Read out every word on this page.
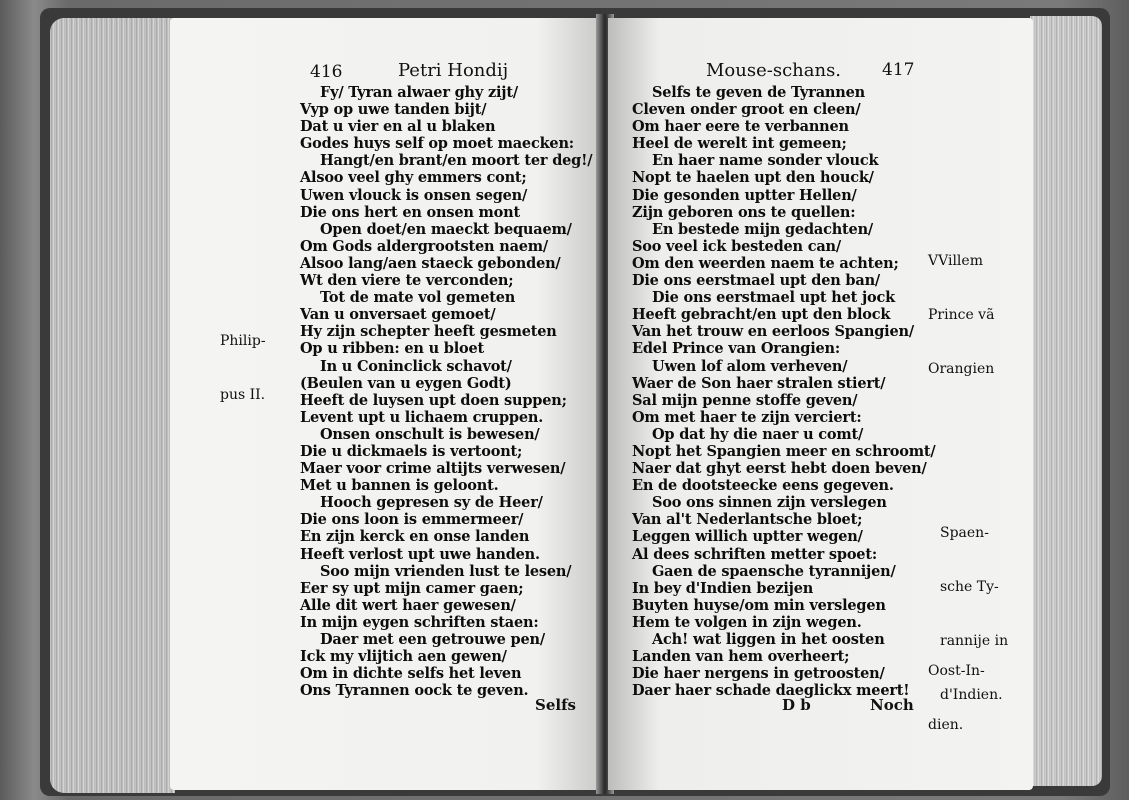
416	Petri Hondij

Philip-

pus II.

Fy/ Tyran alwaer ghy zijt/
Vyp op uwe tanden bijt/
Dat u vier en al u blaken
Godes huys self op moet maecken:
Hangt/en brant/en moort ter deg!/
Alsoo veel ghy emmers cont;
Uwen vlouck is onsen segen/
Die ons hert en onsen mont
Open doet/en maeckt bequaem/
Om Gods aldergrootsten naem/
Alsoo lang/aen staeck gebonden/
Wt den viere te verconden;
Tot de mate vol gemeten
Van u onversaet gemoet/
Hy zijn schepter heeft gesmeten
Op u ribben: en u bloet
In u Coninclick schavot/
(Beulen van u eygen Godt)
Heeft de luysen upt doen suppen;
Levent upt u lichaem cruppen.
Onsen onschult is bewesen/
Die u dickmaels is vertoont;
Maer voor crime altijts verwesen/
Met u bannen is geloont.
Hooch gepresen sy de Heer/
Die ons loon is emmermeer/
En zijn kerck en onse landen
Heeft verlost upt uwe handen.
Soo mijn vrienden lust te lesen/
Eer sy upt mijn camer gaen;
Alle dit wert haer gewesen/
In mijn eygen schriften staen:
Daer met een getrouwe pen/
Ick my vlijtich aen gewen/
Om in dichte selfs het leven
Ons Tyrannen oock te geven.
Selfs
Mouse-schans. 417
Selfs te geven de Tyrannen
Cleven onder groot en cleen/
Om haer eere te verbannen
Heel de werelt int gemeen;
En haer name sonder vlouck
Nopt te haelen upt den houck/
Die gesonden uptter Hellen/
Zijn geboren ons te quellen:
En bestede mijn gedachten/
Soo veel ick besteden can/
Om den weerden naem te achten;
Die ons eerstmael upt den ban/
Die ons eerstmael upt het jock
Heeft gebracht/en upt den block
Van het trouw en eerloos Spangien/
Edel Prince van Orangien:
Uwen lof alom verheven/
Waer de Son haer stralen stiert/
Sal mijn penne stoffe geven/
Om met haer te zijn verciert:
Op dat hy die naer u comt/
Nopt het Spangien meer en schroomt/
Naer dat ghyt eerst hebt doen beven/
En de dootsteecke eens gegeven.
Soo ons sinnen zijn verslegen
Van al't Nederlantsche bloet;
Leggen willich uptter wegen/
Al dees schriften metter spoet:
Gaen de spaensche tyrannijen/
In bey d'Indien bezijen
Buyten huyse/om min verslegen
Hem te volgen in zijn wegen.
Ach! wat liggen in het oosten
Landen van hem overheert;
Die haer nergens in getroosten/
Daer haer schade daeglickx meert!

VVillem

Prince vã

Orangien

Spaen-

sche Ty-

rannije in

d'Indien.

Oost-In-

dien.

D b	Noch
